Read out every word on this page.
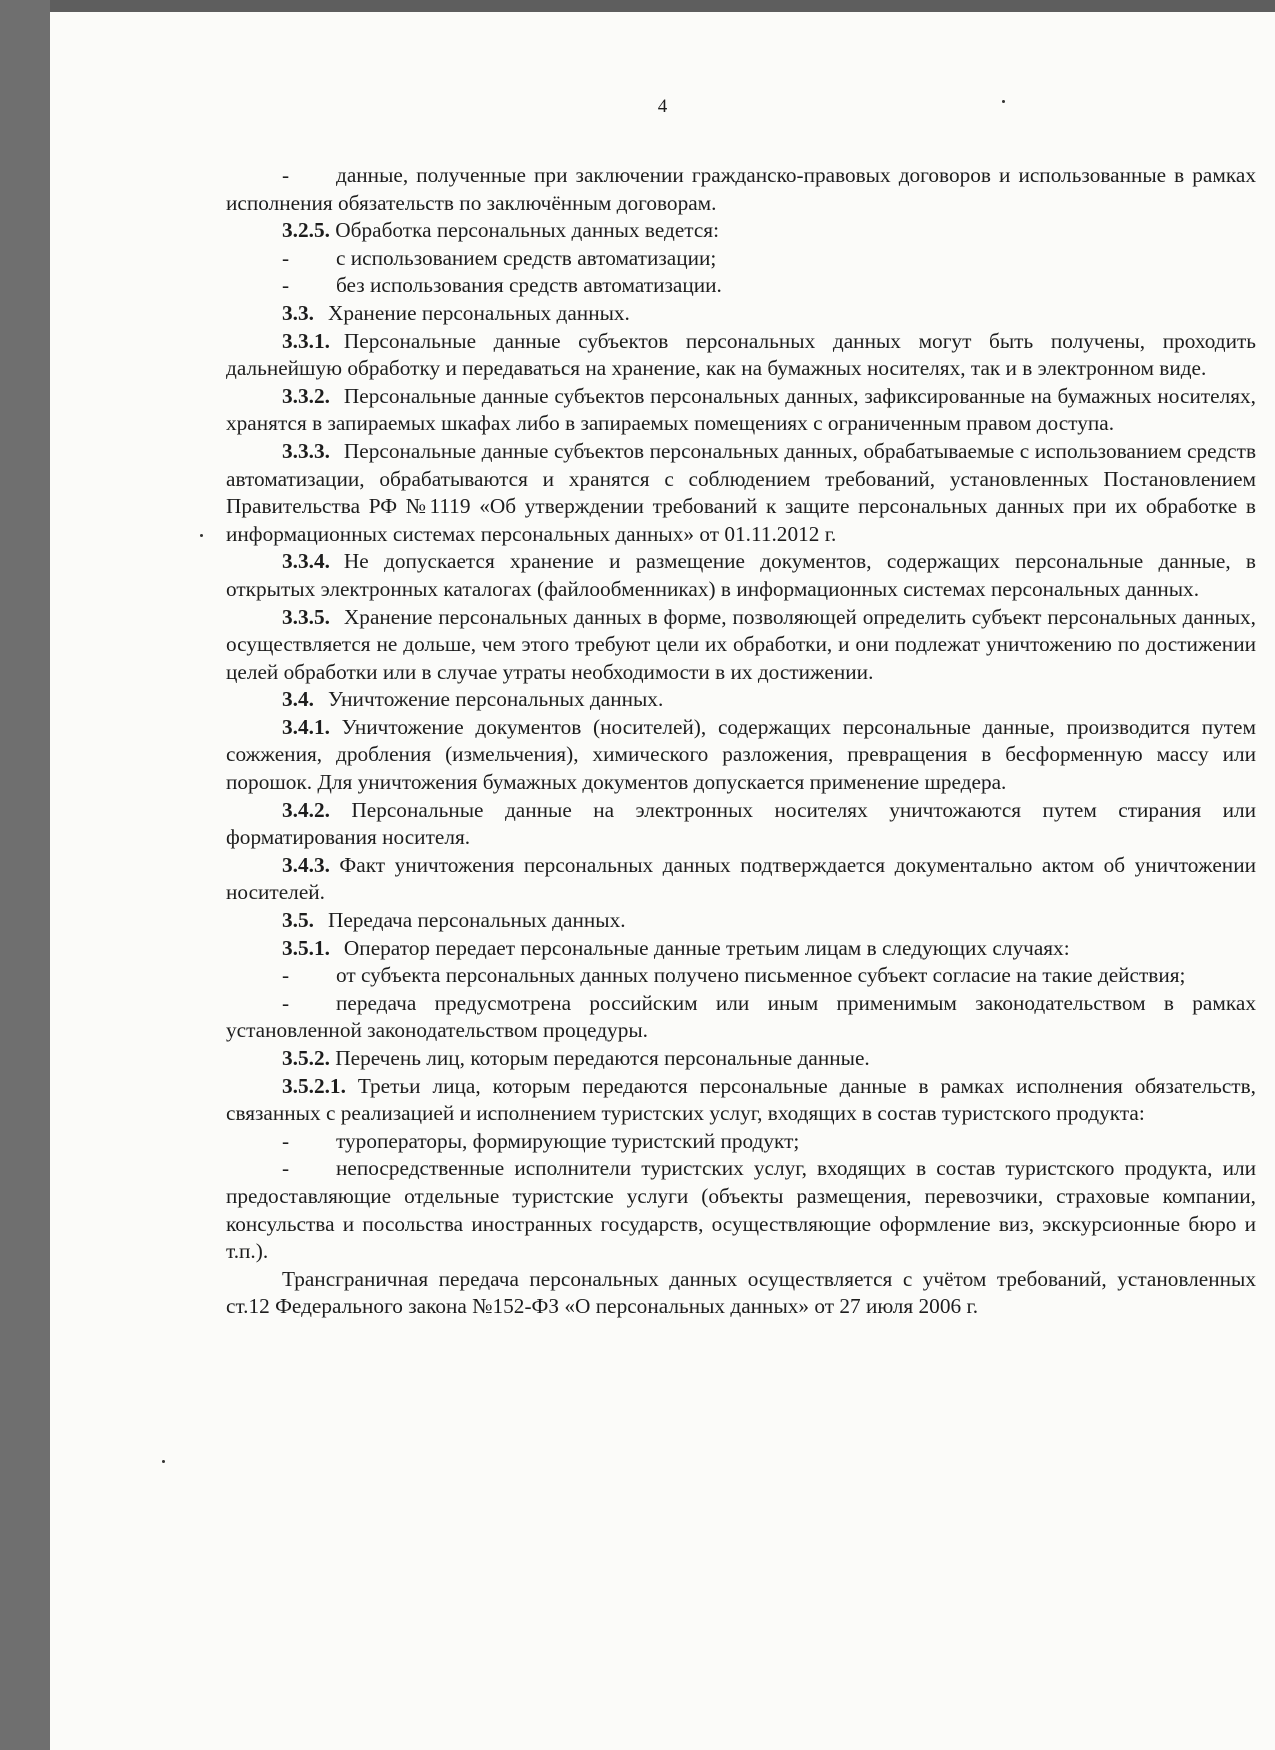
4

- данные, полученные при заключении гражданско-правовых договоров и использованные в рамках исполнения обязательств по заключённым договорам.

3.2.5. Обработка персональных данных ведется:

- с использованием средств автоматизации;

- без использования средств автоматизации.

3.3. Хранение персональных данных.

3.3.1. Персональные данные субъектов персональных данных могут быть получены, проходить дальнейшую обработку и передаваться на хранение, как на бумажных носителях, так и в электронном виде.

3.3.2. Персональные данные субъектов персональных данных, зафиксированные на бумажных носителях, хранятся в запираемых шкафах либо в запираемых помещениях с ограниченным правом доступа.

3.3.3. Персональные данные субъектов персональных данных, обрабатываемые с использованием средств автоматизации, обрабатываются и хранятся с соблюдением требований, установленных Постановлением Правительства РФ №1119 «Об утверждении требований к защите персональных данных при их обработке в информационных системах персональных данных» от 01.11.2012 г.

3.3.4. Не допускается хранение и размещение документов, содержащих персональные данные, в открытых электронных каталогах (файлообменниках) в информационных системах персональных данных.

3.3.5. Хранение персональных данных в форме, позволяющей определить субъект персональных данных, осуществляется не дольше, чем этого требуют цели их обработки, и они подлежат уничтожению по достижении целей обработки или в случае утраты необходимости в их достижении.

3.4. Уничтожение персональных данных.

3.4.1. Уничтожение документов (носителей), содержащих персональные данные, производится путем сожжения, дробления (измельчения), химического разложения, превращения в бесформенную массу или порошок. Для уничтожения бумажных документов допускается применение шредера.

3.4.2. Персональные данные на электронных носителях уничтожаются путем стирания или форматирования носителя.

3.4.3. Факт уничтожения персональных данных подтверждается документально актом об уничтожении носителей.

3.5. Передача персональных данных.

3.5.1. Оператор передает персональные данные третьим лицам в следующих случаях:

- от субъекта персональных данных получено письменное субъект согласие на такие действия;

- передача предусмотрена российским или иным применимым законодательством в рамках установленной законодательством процедуры.

3.5.2. Перечень лиц, которым передаются персональные данные.

3.5.2.1. Третьи лица, которым передаются персональные данные в рамках исполнения обязательств, связанных с реализацией и исполнением туристских услуг, входящих в состав туристского продукта:

- туроператоры, формирующие туристский продукт;

- непосредственные исполнители туристских услуг, входящих в состав туристского продукта, или предоставляющие отдельные туристские услуги (объекты размещения, перевозчики, страховые компании, консульства и посольства иностранных государств, осуществляющие оформление виз, экскурсионные бюро и т.п.).

Трансграничная передача персональных данных осуществляется с учётом требований, установленных ст.12 Федерального закона №152-ФЗ «О персональных данных» от 27 июля 2006 г.
